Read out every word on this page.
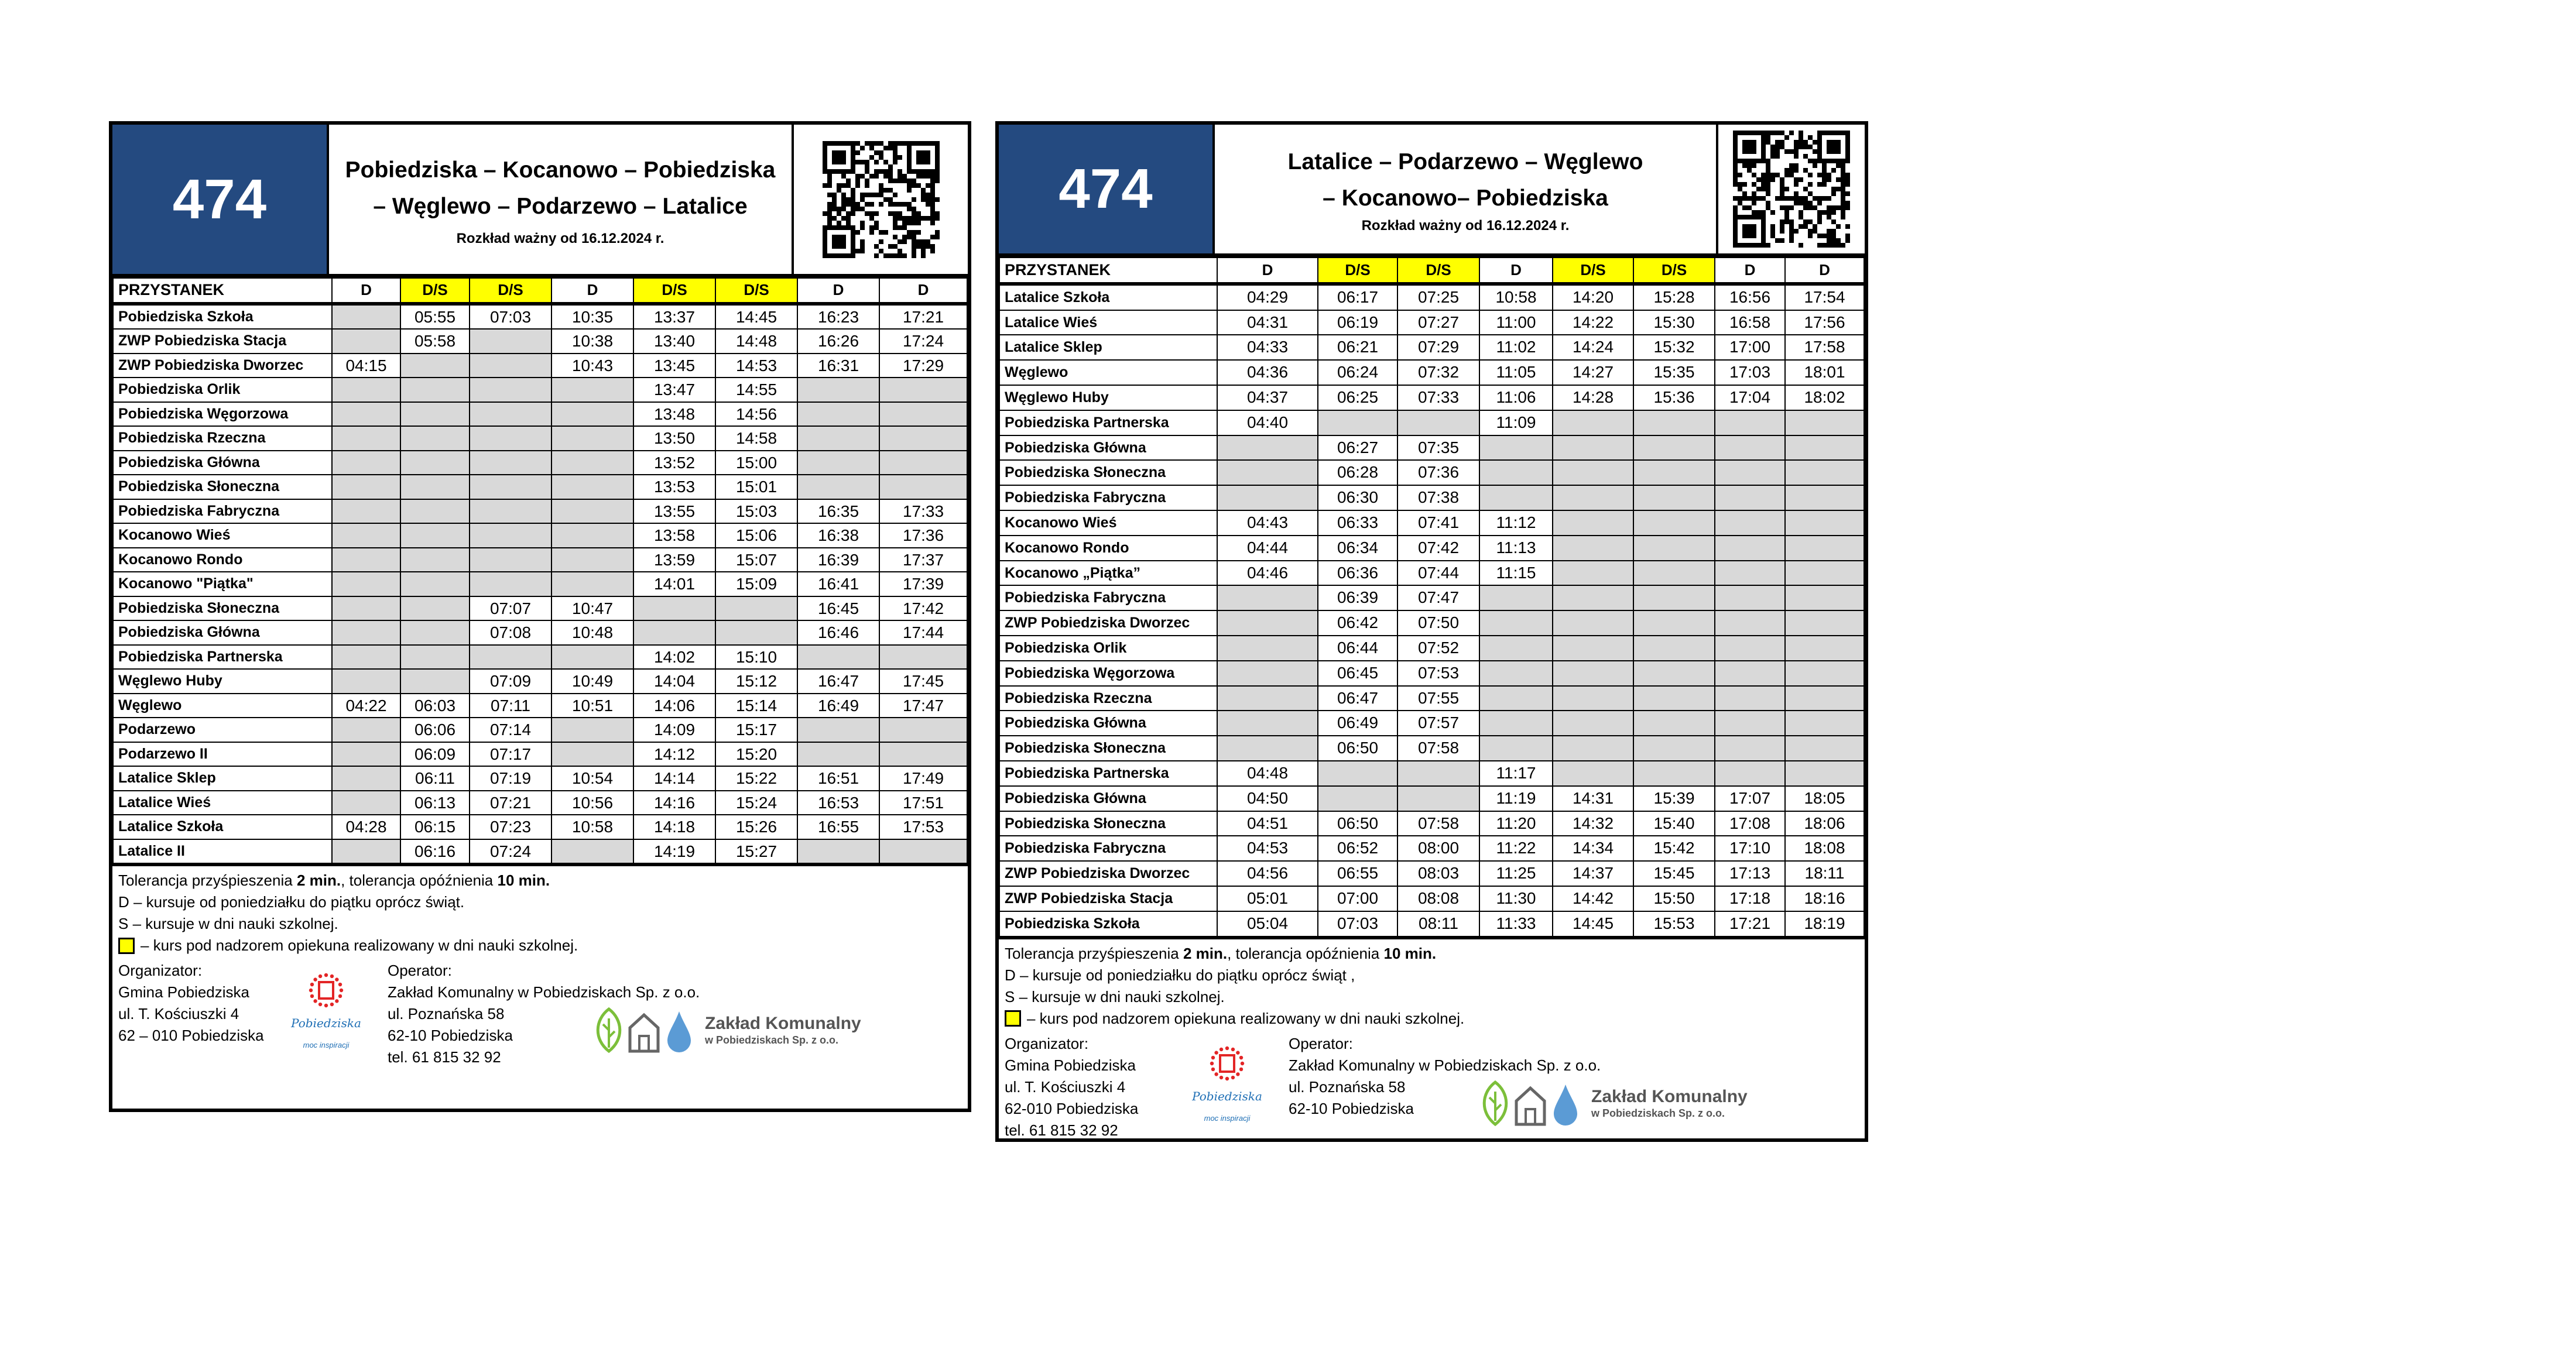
474	Pobiedziska – Kocanowo – Pobiedziska
– Węglewo – Podarzewo – Latalice
Rozkład ważny od 16.12.2024 r.
PRZYSTANEK	D	D/S	D/S	D	D/S	D/S	D	D
Pobiedziska Szkoła		05:55	07:03	10:35	13:37	14:45	16:23	17:21
ZWP Pobiedziska Stacja		05:58		10:38	13:40	14:48	16:26	17:24
ZWP Pobiedziska Dworzec	04:15			10:43	13:45	14:53	16:31	17:29
Pobiedziska Orlik					13:47	14:55		
Pobiedziska Węgorzowa					13:48	14:56		
Pobiedziska Rzeczna					13:50	14:58		
Pobiedziska Główna					13:52	15:00		
Pobiedziska Słoneczna					13:53	15:01		
Pobiedziska Fabryczna					13:55	15:03	16:35	17:33
Kocanowo Wieś					13:58	15:06	16:38	17:36
Kocanowo Rondo					13:59	15:07	16:39	17:37
Kocanowo "Piątka"					14:01	15:09	16:41	17:39
Pobiedziska Słoneczna			07:07	10:47			16:45	17:42
Pobiedziska Główna			07:08	10:48			16:46	17:44
Pobiedziska Partnerska					14:02	15:10		
Węglewo Huby			07:09	10:49	14:04	15:12	16:47	17:45
Węglewo	04:22	06:03	07:11	10:51	14:06	15:14	16:49	17:47
Podarzewo		06:06	07:14		14:09	15:17		
Podarzewo II		06:09	07:17		14:12	15:20		
Latalice Sklep		06:11	07:19	10:54	14:14	15:22	16:51	17:49
Latalice Wieś		06:13	07:21	10:56	14:16	15:24	16:53	17:51
Latalice Szkoła	04:28	06:15	07:23	10:58	14:18	15:26	16:55	17:53
Latalice II		06:16	07:24		14:19	15:27		
Tolerancja przyśpieszenia 2 min., tolerancja opóźnienia 10 min.
D – kursuje od poniedziałku do piątku oprócz świąt.
S – kursuje w dni nauki szkolnej.
– kurs pod nadzorem opiekuna realizowany w dni nauki szkolnej.
Organizator:
Gmina Pobiedziska
ul. T. Kościuszki 4
62 – 010 Pobiedziska
Pobiedziska
moc inspiracji
Operator:
Zakład Komunalny w Pobiedziskach Sp. z o.o.
ul. Poznańska 58
62-10 Pobiedziska
tel. 61 815 32 92
Zakład Komunalny
w Pobiedziskach Sp. z o.o.
474	Latalice – Podarzewo – Węglewo
– Kocanowo– Pobiedziska
Rozkład ważny od 16.12.2024 r.
PRZYSTANEK	D	D/S	D/S	D	D/S	D/S	D	D
Latalice Szkoła	04:29	06:17	07:25	10:58	14:20	15:28	16:56	17:54
Latalice Wieś	04:31	06:19	07:27	11:00	14:22	15:30	16:58	17:56
Latalice Sklep	04:33	06:21	07:29	11:02	14:24	15:32	17:00	17:58
Węglewo	04:36	06:24	07:32	11:05	14:27	15:35	17:03	18:01
Węglewo Huby	04:37	06:25	07:33	11:06	14:28	15:36	17:04	18:02
Pobiedziska Partnerska	04:40			11:09				
Pobiedziska Główna		06:27	07:35					
Pobiedziska Słoneczna		06:28	07:36					
Pobiedziska Fabryczna		06:30	07:38					
Kocanowo Wieś	04:43	06:33	07:41	11:12				
Kocanowo Rondo	04:44	06:34	07:42	11:13				
Kocanowo „Piątka”	04:46	06:36	07:44	11:15				
Pobiedziska Fabryczna		06:39	07:47					
ZWP Pobiedziska Dworzec		06:42	07:50					
Pobiedziska Orlik		06:44	07:52					
Pobiedziska Węgorzowa		06:45	07:53					
Pobiedziska Rzeczna		06:47	07:55					
Pobiedziska Główna		06:49	07:57					
Pobiedziska Słoneczna		06:50	07:58					
Pobiedziska Partnerska	04:48			11:17				
Pobiedziska Główna	04:50			11:19	14:31	15:39	17:07	18:05
Pobiedziska Słoneczna	04:51	06:50	07:58	11:20	14:32	15:40	17:08	18:06
Pobiedziska Fabryczna	04:53	06:52	08:00	11:22	14:34	15:42	17:10	18:08
ZWP Pobiedziska Dworzec	04:56	06:55	08:03	11:25	14:37	15:45	17:13	18:11
ZWP Pobiedziska Stacja	05:01	07:00	08:08	11:30	14:42	15:50	17:18	18:16
Pobiedziska Szkoła	05:04	07:03	08:11	11:33	14:45	15:53	17:21	18:19
Tolerancja przyśpieszenia 2 min., tolerancja opóźnienia 10 min.
D – kursuje od poniedziałku do piątku oprócz świąt ,
S – kursuje w dni nauki szkolnej.
– kurs pod nadzorem opiekuna realizowany w dni nauki szkolnej.
Organizator:
Gmina Pobiedziska
ul. T. Kościuszki 4
62-010 Pobiedziska
tel. 61 815 32 92
Pobiedziska
moc inspiracji
Operator:
Zakład Komunalny w Pobiedziskach Sp. z o.o.
ul. Poznańska 58
62-10 Pobiedziska
Zakład Komunalny
w Pobiedziskach Sp. z o.o.
